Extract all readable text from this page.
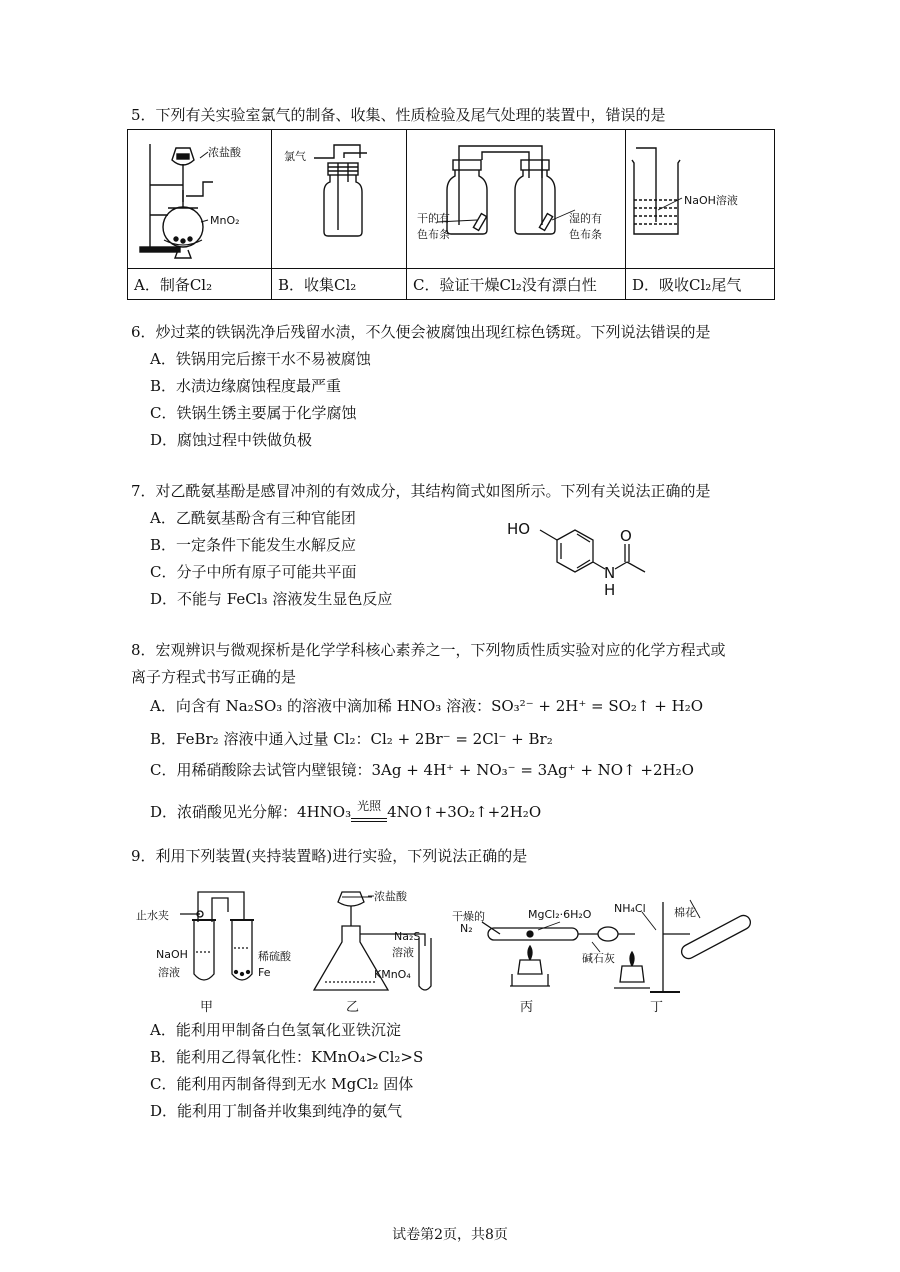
5．下列有关实验室氯气的制备、收集、性质检验及尾气处理的装置中，错误的是
浓盐酸
MnO₂	氯气	干的有
色布条
湿的有
色布条	NaOH溶液

A．制备Cl₂	B．收集Cl₂	C．验证干燥Cl₂没有漂白性	D．吸收Cl₂尾气
6．炒过菜的铁锅洗净后残留水渍，不久便会被腐蚀出现红棕色锈斑。下列说法错误的是
A．铁锅用完后擦干水不易被腐蚀
B．水渍边缘腐蚀程度最严重
C．铁锅生锈主要属于化学腐蚀
D．腐蚀过程中铁做负极
7．对乙酰氨基酚是感冒冲剂的有效成分，其结构简式如图所示。下列有关说法正确的是
A．乙酰氨基酚含有三种官能团
B．一定条件下能发生水解反应
C．分子中所有原子可能共平面
D．不能与 FeCl₃ 溶液发生显色反应
HO	O
N
H
8．宏观辨识与微观探析是化学学科核心素养之一，下列物质性质实验对应的化学方程式或
离子方程式书写正确的是
A．向含有 Na₂SO₃ 的溶液中滴加稀 HNO₃ 溶液：SO₃²⁻ + 2H⁺ = SO₂↑ + H₂O
B．FeBr₂ 溶液中通入过量 Cl₂：Cl₂ + 2Br⁻ = 2Cl⁻ + Br₂
C．用稀硝酸除去试管内壁银镜：3Ag + 4H⁺ + NO₃⁻ = 3Ag⁺ + NO↑ +2H₂O
D．浓硝酸见光分解：4HNO₃ 光照 4NO↑+3O₂↑+2H₂O
9．利用下列装置(夹持装置略)进行实验，下列说法正确的是
止水夹
NaOH
溶液
稀硫酸
Fe
浓盐酸
Na₂S
溶液
KMnO₄
干燥的
N₂
MgCl₂·6H₂O
碱石灰
NH₄Cl	棉花
甲	乙	丙	丁
A．能利用甲制备白色氢氧化亚铁沉淀
B．能利用乙得氧化性：KMnO₄>Cl₂>S
C．能利用丙制备得到无水 MgCl₂ 固体
D．能利用丁制备并收集到纯净的氨气
试卷第2页，共8页
